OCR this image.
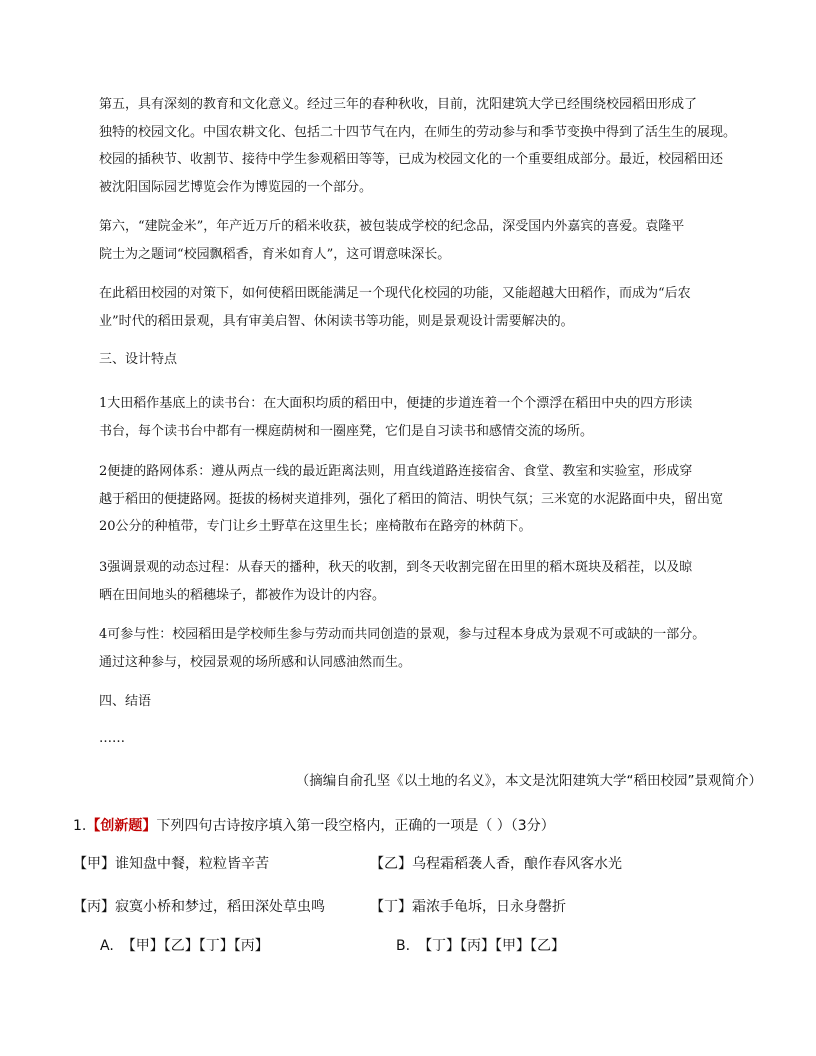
第五，具有深刻的教育和文化意义。经过三年的春种秋收，目前，沈阳建筑大学已经围绕校园稻田形成了
独特的校园文化。中国农耕文化、包括二十四节气在内，在师生的劳动参与和季节变换中得到了活生生的展现。
校园的插秧节、收割节、接待中学生参观稻田等等，已成为校园文化的一个重要组成部分。最近，校园稻田还
被沈阳国际园艺博览会作为博览园的一个部分。
第六，“建院金米”，年产近万斤的稻米收获，被包装成学校的纪念品，深受国内外嘉宾的喜爱。袁隆平
院士为之题词“校园飘稻香，育米如育人”，这可谓意味深长。
在此稻田校园的对策下，如何使稻田既能满足一个现代化校园的功能，又能超越大田稻作，而成为“后农
业”时代的稻田景观，具有审美启智、休闲读书等功能，则是景观设计需要解决的。
三、设计特点
1大田稻作基底上的读书台：在大面积均质的稻田中，便捷的步道连着一个个漂浮在稻田中央的四方形读
书台，每个读书台中都有一棵庭荫树和一圈座凳，它们是自习读书和感情交流的场所。
2便捷的路网体系：遵从两点一线的最近距离法则，用直线道路连接宿舍、食堂、教室和实验室，形成穿
越于稻田的便捷路网。挺拔的杨树夹道排列，强化了稻田的简洁、明快气氛；三米宽的水泥路面中央，留出宽
20公分的种植带，专门让乡土野草在这里生长；座椅散布在路旁的林荫下。
3强调景观的动态过程：从春天的播种，秋天的收割，到冬天收割完留在田里的稻木斑块及稻茬，以及晾
晒在田间地头的稻穗垛子，都被作为设计的内容。
4可参与性：校园稻田是学校师生参与劳动而共同创造的景观，参与过程本身成为景观不可或缺的一部分。
通过这种参与，校园景观的场所感和认同感油然而生。
四、结语
……
（摘编自俞孔坚《以土地的名义》，本文是沈阳建筑大学“稻田校园”景观简介）
1.【创新题】下列四句古诗按序填入第一段空格内，正确的一项是（ ）（3分）
【甲】谁知盘中餐，粒粒皆辛苦	【乙】乌程霜稻袭人香，酿作春风客水光
【丙】寂寞小桥和梦过，稻田深处草虫鸣	【丁】霜浓手龟坼，日永身罄折
A. 【甲】【乙】【丁】【丙】	B. 【丁】【丙】【甲】【乙】
